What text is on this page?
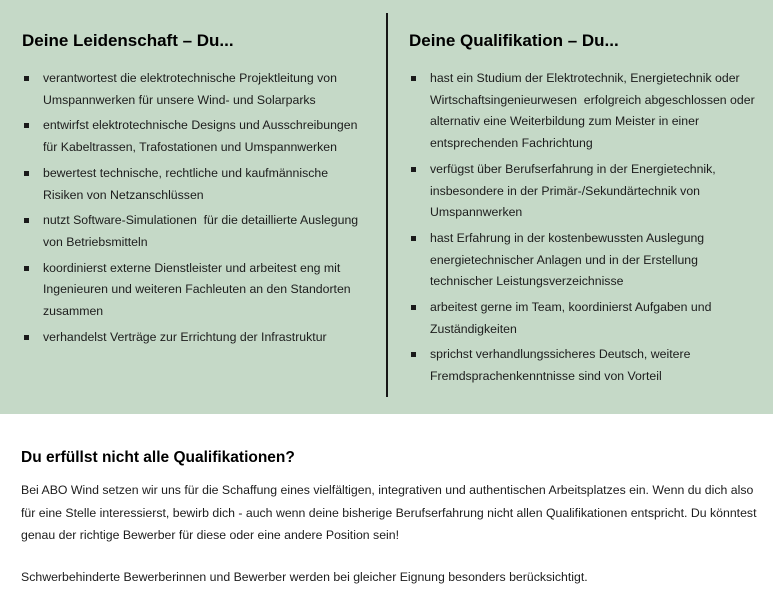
Deine Leidenschaft – Du...
verantwortest die elektrotechnische Projektleitung von Umspannwerken für unsere Wind- und Solarparks
entwirfst elektrotechnische Designs und Ausschreibungen für Kabeltrassen, Trafostationen und Umspannwerken
bewertest technische, rechtliche und kaufmännische Risiken von Netzanschlüssen
nutzt Software-Simulationen  für die detaillierte Auslegung von Betriebsmitteln
koordinierst externe Dienstleister und arbeitest eng mit Ingenieuren und weiteren Fachleuten an den Standorten zusammen
verhandelst Verträge zur Errichtung der Infrastruktur
Deine Qualifikation – Du...
hast ein Studium der Elektrotechnik, Energietechnik oder Wirtschaftsingenieurwesen  erfolgreich abgeschlossen oder alternativ eine Weiterbildung zum Meister in einer entsprechenden Fachrichtung
verfügst über Berufserfahrung in der Energietechnik, insbesondere in der Primär-/Sekundärtechnik von Umspannwerken
hast Erfahrung in der kostenbewussten Auslegung energietechnischer Anlagen und in der Erstellung technischer Leistungsverzeichnisse
arbeitest gerne im Team, koordinierst Aufgaben und Zuständigkeiten
sprichst verhandlungssicheres Deutsch, weitere Fremdsprachenkenntnisse sind von Vorteil
Du erfüllst nicht alle Qualifikationen?

Bei ABO Wind setzen wir uns für die Schaffung eines vielfältigen, integrativen und authentischen Arbeitsplatzes ein. Wenn du dich also für eine Stelle interessierst, bewirb dich - auch wenn deine bisherige Berufserfahrung nicht allen Qualifikationen entspricht. Du könntest genau der richtige Bewerber für diese oder eine andere Position sein!

Schwerbehinderte Bewerberinnen und Bewerber werden bei gleicher Eignung besonders berücksichtigt.
